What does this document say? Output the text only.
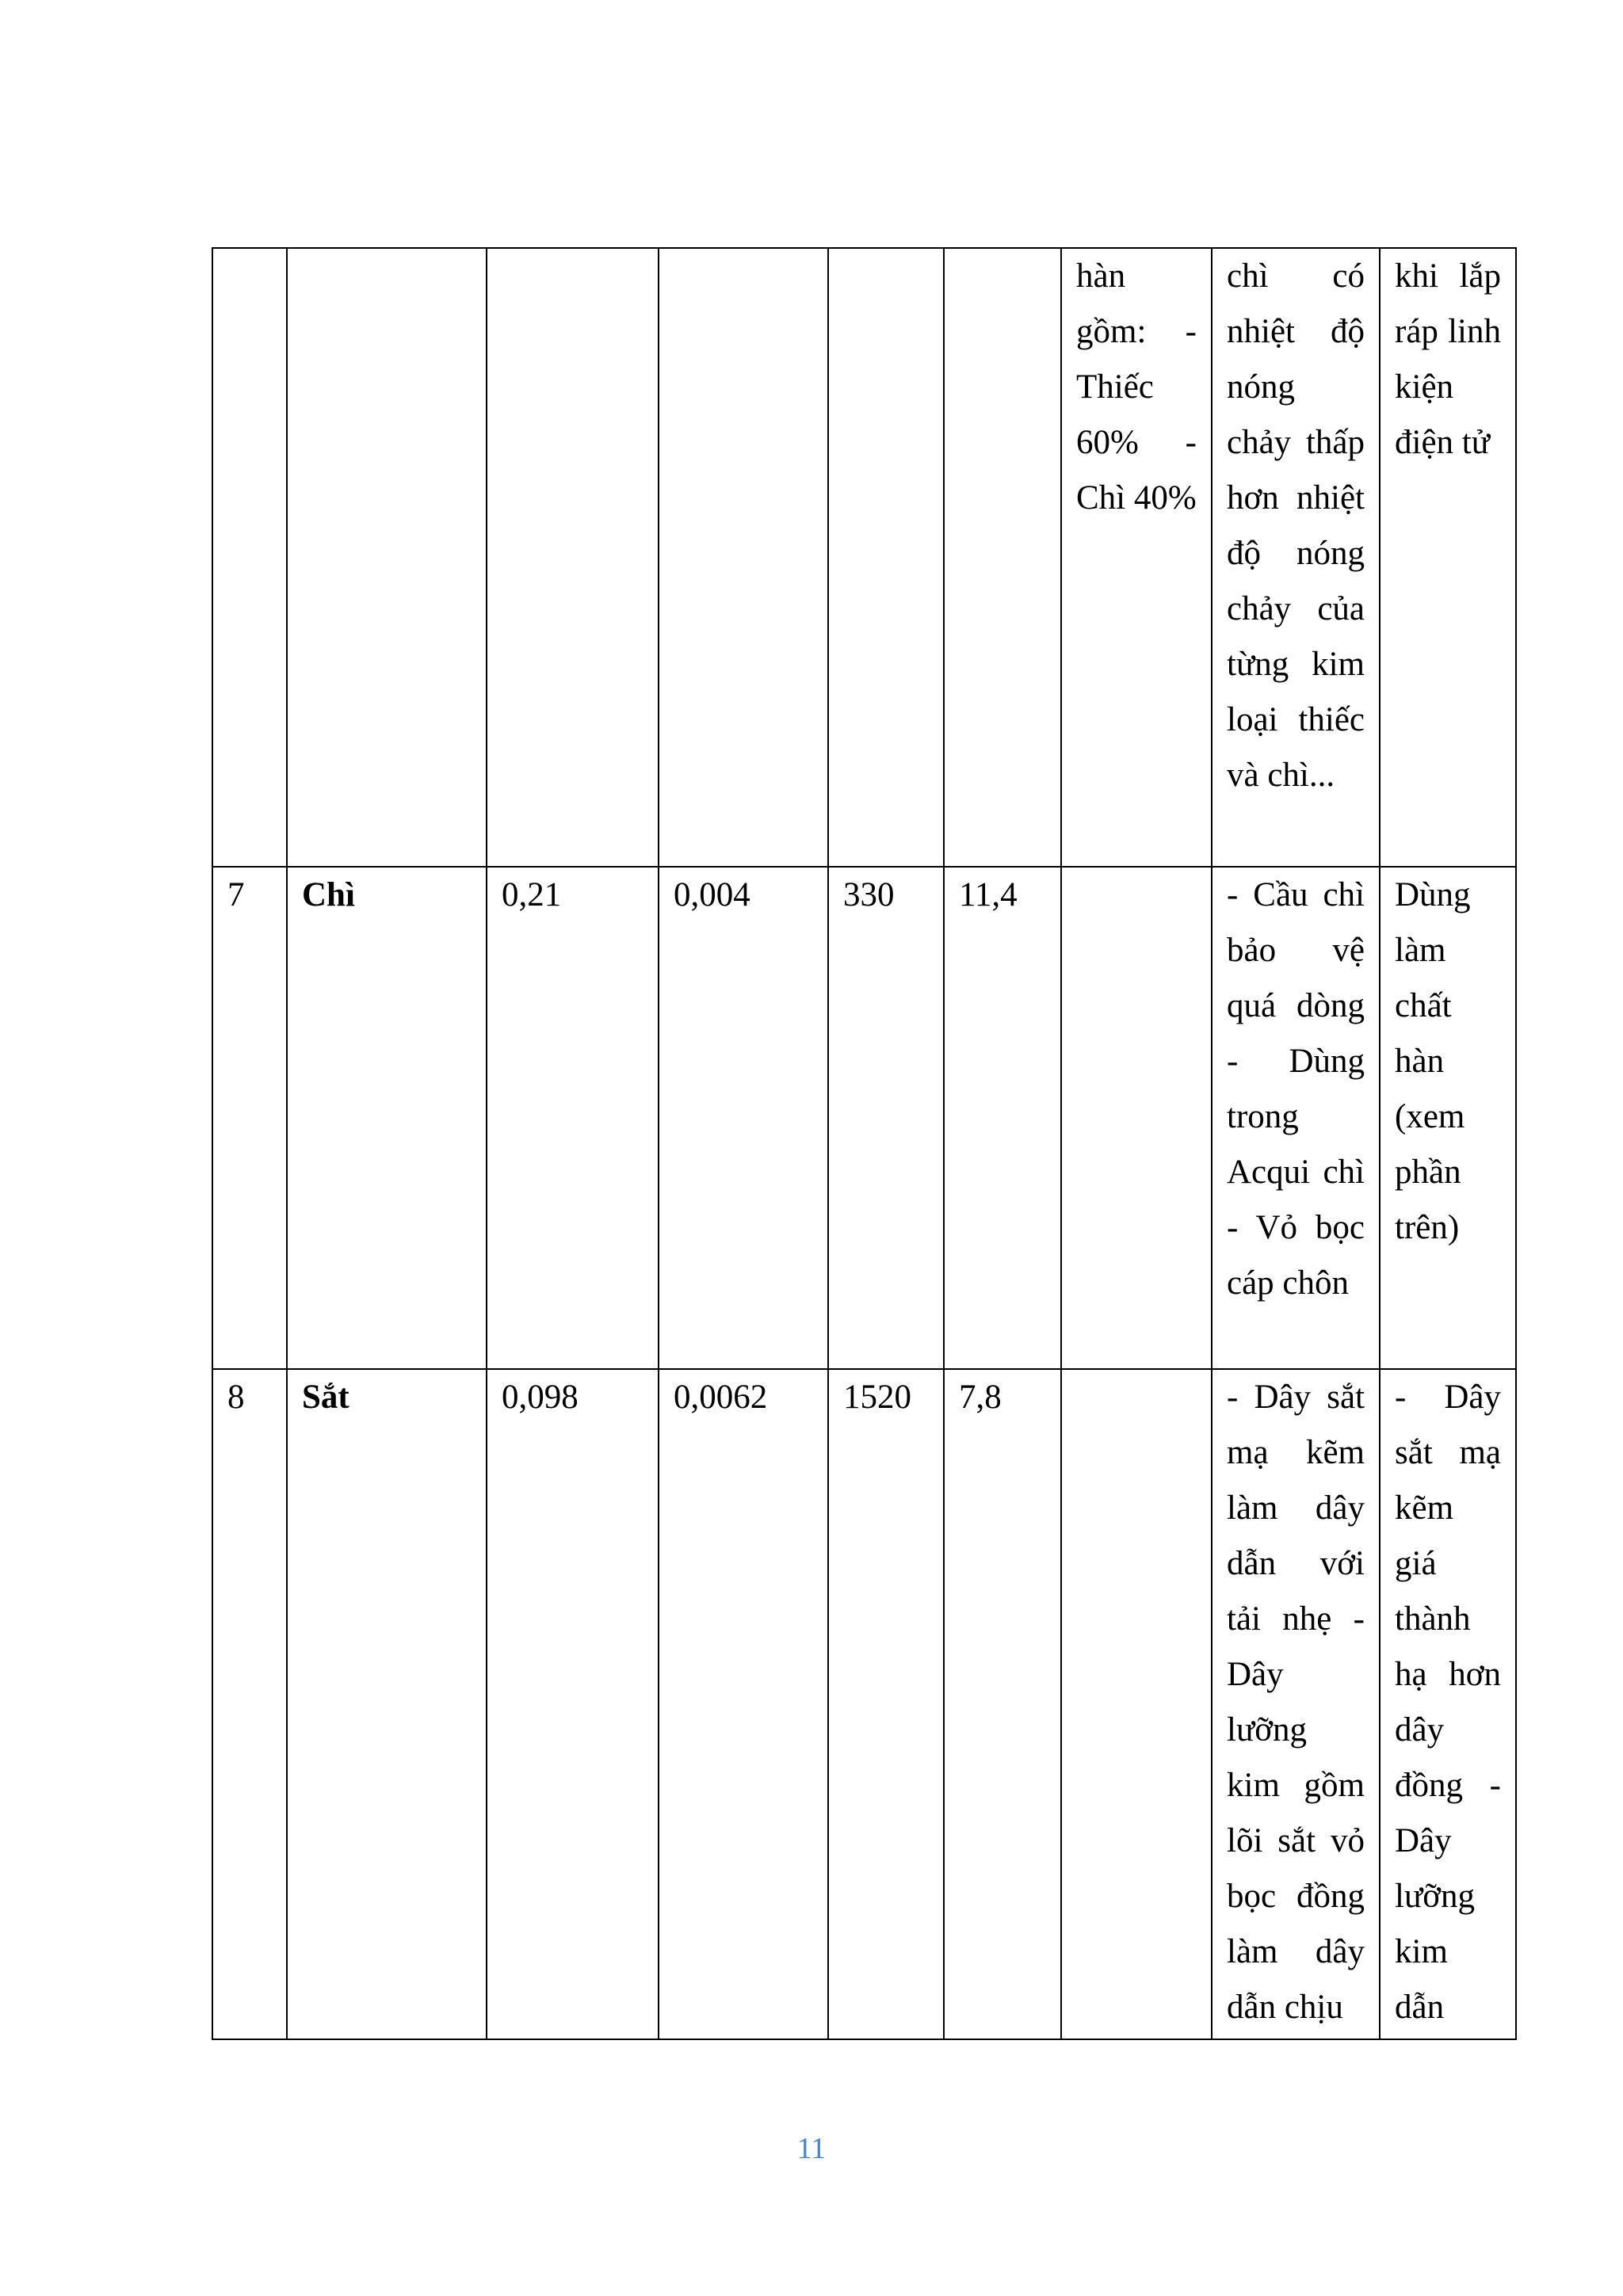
						hàn gồm: - Thiếc 60% - Chì 40%	chì có nhiệt độ nóng chảy thấp hơn nhiệt độ nóng chảy của từng kim loại thiếc và chì...	khi lắp ráp linh kiện điện tử
7	Chì	0,21	0,004	330	11,4		- Cầu chì bảo vệ quá dòng - Dùng trong Acqui chì - Vỏ bọc cáp chôn	Dùng làm chất hàn (xem phần trên)
8	Sắt	0,098	0,0062	1520	7,8		- Dây sắt mạ kẽm làm dây dẫn với tải nhẹ - Dây lưỡng kim gồm lõi sắt vỏ bọc đồng làm dây dẫn chịu	- Dây sắt mạ kẽm giá thành hạ hơn dây đồng - Dây lưỡng kim dẫn
11
